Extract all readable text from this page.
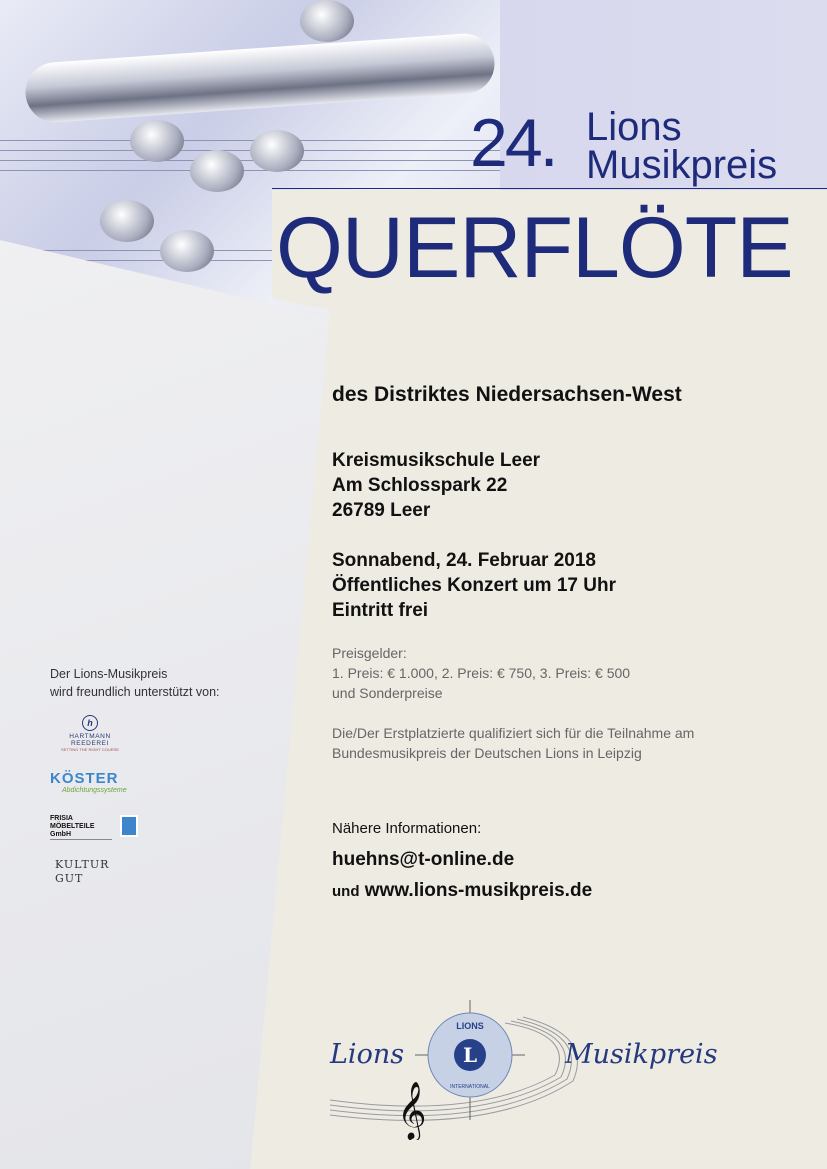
24. Lions
Musikpreis
QUERFLÖTE
des Distriktes Niedersachsen-West
Kreismusikschule Leer
Am Schlosspark 22
26789 Leer
Sonnabend, 24. Februar 2018
Öffentliches Konzert um 17 Uhr
Eintritt frei
Preisgelder:
1. Preis: € 1.000, 2. Preis: € 750, 3. Preis: € 500
und Sonderpreise
Die/Der Erstplatzierte qualifiziert sich für die Teilnahme am
Bundesmusikpreis der Deutschen Lions in Leipzig
Nähere Informationen:
huehns@t-online.de
und www.lions-musikpreis.de
Der Lions-Musikpreis
wird freundlich unterstützt von:
h
HARTMANN REEDEREI
SETTING THE RIGHT COURSE
KÖSTER
Abdichtungssysteme
FRISIA MÖBELTEILE GmbH
KULTUR GUT
L
LIONS
INTERNATIONAL
Lions	Musikpreis
𝄞
